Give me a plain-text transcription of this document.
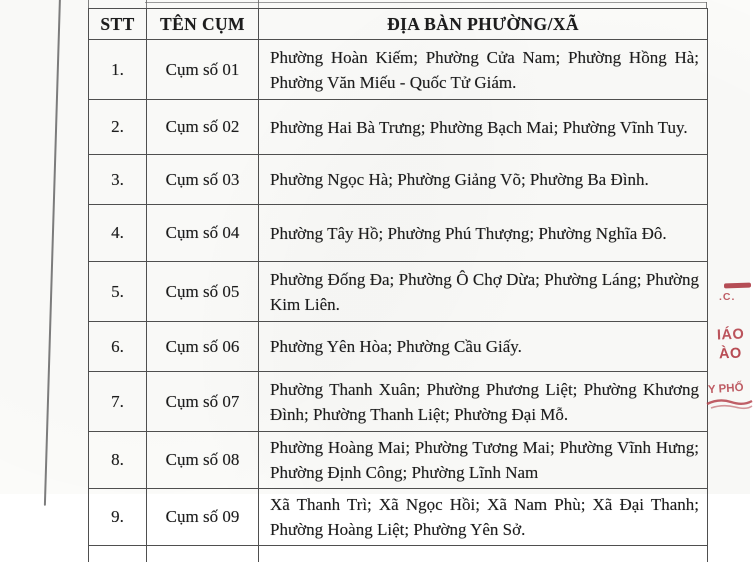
STT	TÊN CỤM	ĐỊA BÀN PHƯỜNG/XÃ
1.	Cụm số 01	Phường Hoàn Kiếm; Phường Cửa Nam; Phường Hồng Hà; Phường Văn Miếu - Quốc Tử Giám.
2.	Cụm số 02	Phường Hai Bà Trưng; Phường Bạch Mai; Phường Vĩnh Tuy.
3.	Cụm số 03	Phường Ngọc Hà; Phường Giảng Võ; Phường Ba Đình.
4.	Cụm số 04	Phường Tây Hồ; Phường Phú Thượng; Phường Nghĩa Đô.
5.	Cụm số 05	Phường Đống Đa; Phường Ô Chợ Dừa; Phường Láng; Phường Kim Liên.
6.	Cụm số 06	Phường Yên Hòa; Phường Cầu Giấy.
7.	Cụm số 07	Phường Thanh Xuân; Phường Phương Liệt; Phường Khương Đình; Phường Thanh Liệt; Phường Đại Mỗ.
8.	Cụm số 08	Phường Hoàng Mai; Phường Tương Mai; Phường Vĩnh Hưng; Phường Định Công; Phường Lĩnh Nam
9.	Cụm số 09	Xã Thanh Trì; Xã Ngọc Hồi; Xã Nam Phù; Xã Đại Thanh; Phường Hoàng Liệt; Phường Yên Sở.

.C.
IÁO
ÀO
Y PHỐ
